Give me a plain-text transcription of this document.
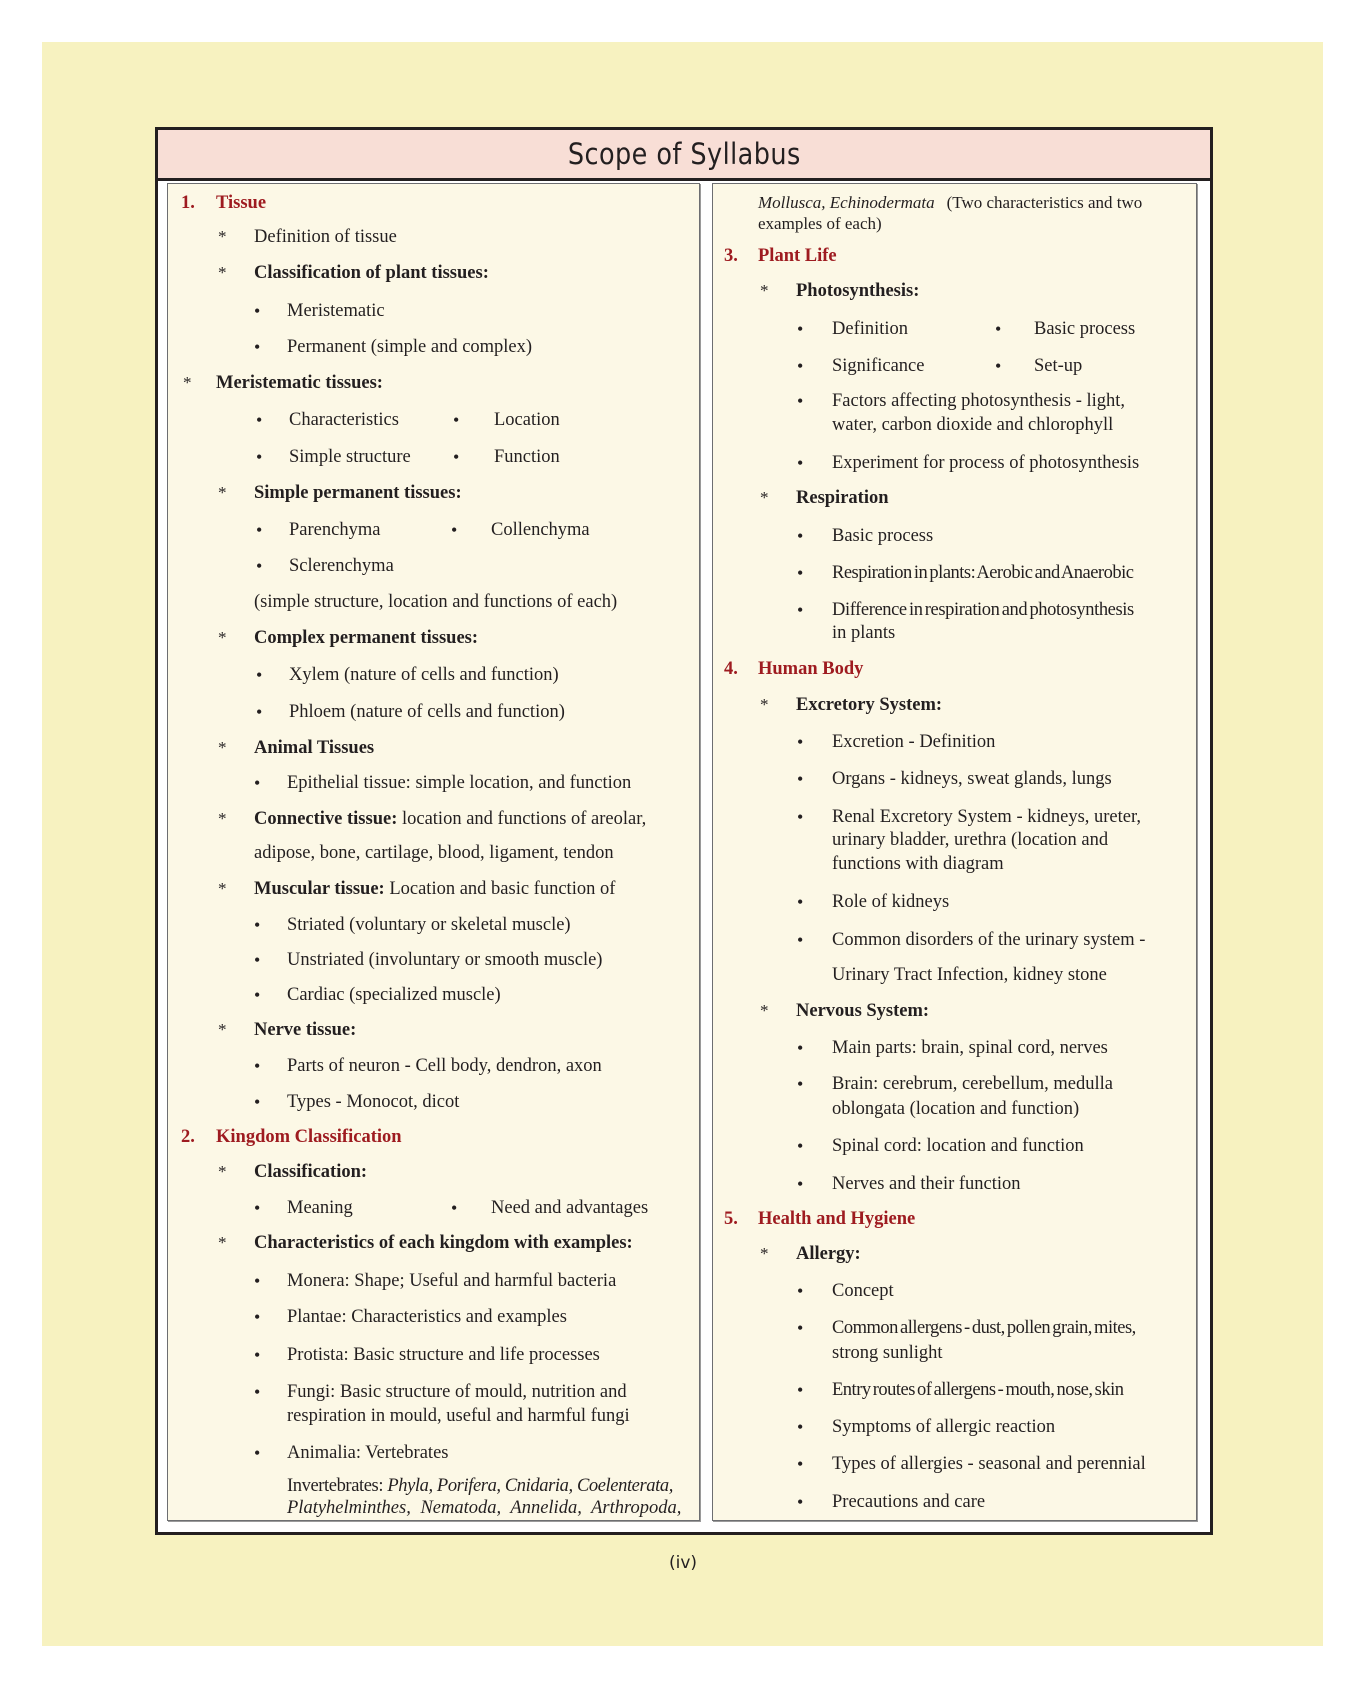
Scope of Syllabus
1. Tissue
* Definition of tissue
* Classification of plant tissues:
• Meristematic
• Permanent (simple and complex)
* Meristematic tissues:
• Characteristics	• Location
• Simple structure • Function
* Simple permanent tissues:
• Parenchyma	• Collenchyma
• Sclerenchyma
(simple structure, location and functions of each)
* Complex permanent tissues:
• Xylem (nature of cells and function)
• Phloem (nature of cells and function)
* Animal Tissues
• Epithelial tissue: simple location, and function
* Connective tissue: location and functions of areolar,
adipose, bone, cartilage, blood, ligament, tendon
* Muscular tissue: Location and basic function of
• Striated (voluntary or skeletal muscle)
• Unstriated (involuntary or smooth muscle)
• Cardiac (specialized muscle)
* Nerve tissue:
• Parts of neuron - Cell body, dendron, axon
• Types - Monocot, dicot
2. Kingdom Classification
* Classification:
• Meaning	• Need and advantages
* Characteristics of each kingdom with examples:
• Monera: Shape; Useful and harmful bacteria
• Plantae: Characteristics and examples
• Protista: Basic structure and life processes
• Fungi: Basic structure of mould, nutrition and
respiration in mould, useful and harmful fungi
• Animalia: Vertebrates
Invertebrates: Phyla, Porifera, Cnidaria, Coelenterata,
Platyhelminthes, Nematoda, Annelida, Arthropoda,
Mollusca, Echinodermata (Two characteristics and two
examples of each)
3. Plant Life
* Photosynthesis:
• Definition	• Basic process
• Significance	• Set-up
• Factors affecting photosynthesis - light,
water, carbon dioxide and chlorophyll
• Experiment for process of photosynthesis
* Respiration
• Basic process
• Respiration in plants: Aerobic and Anaerobic
• Difference in respiration and photosynthesis
in plants
4. Human Body
* Excretory System:
• Excretion - Definition
• Organs - kidneys, sweat glands, lungs
• Renal Excretory System - kidneys, ureter,
urinary bladder, urethra (location and
functions with diagram
• Role of kidneys
• Common disorders of the urinary system -
Urinary Tract Infection, kidney stone
* Nervous System:
• Main parts: brain, spinal cord, nerves
• Brain: cerebrum, cerebellum, medulla
oblongata (location and function)
• Spinal cord: location and function
• Nerves and their function
5. Health and Hygiene
* Allergy:
• Concept
• Common allergens - dust, pollen grain, mites,
strong sunlight
• Entry routes of allergens - mouth, nose, skin
• Symptoms of allergic reaction
• Types of allergies - seasonal and perennial
• Precautions and care
(iv)
